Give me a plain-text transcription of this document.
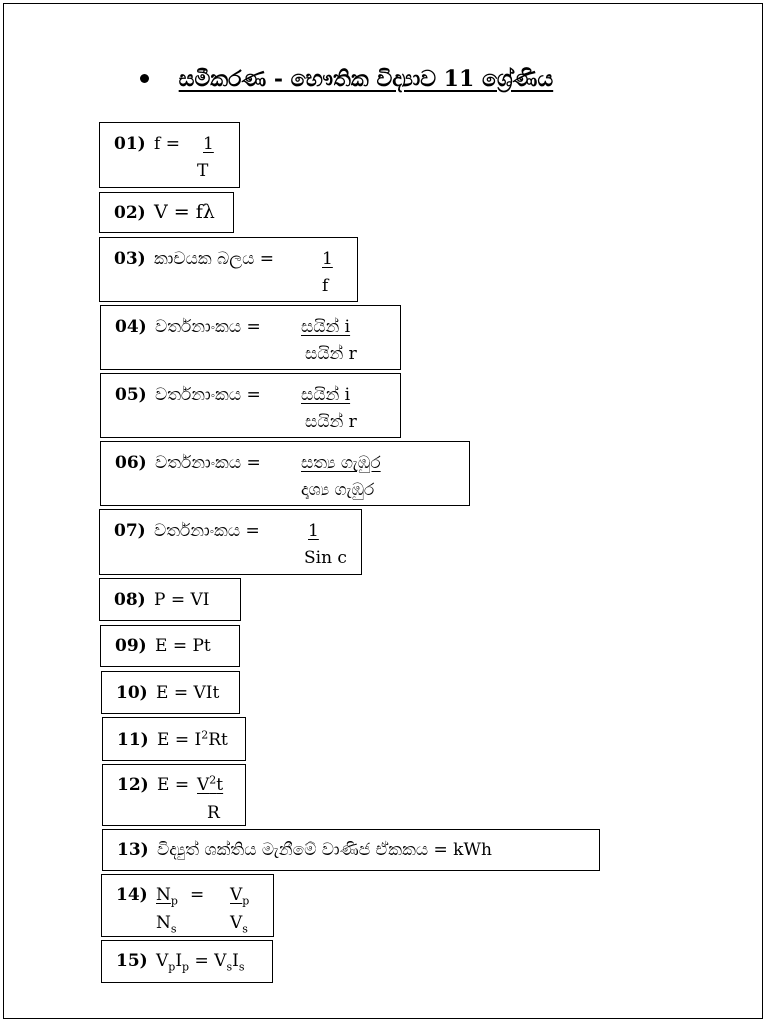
සමීකරණ - භෞතික විද්‍යාව 11 ශ්‍රේණිය
01) f =	1
T
02) V = fλ
03) කාචයක බලය =	1
f
04) වර්තනාංකය = සයින් i
සයින් r
05) වර්තනාංකය = සයින් i
සයින් r
06) වර්තනාංකය = සත්‍ය ගැඹුර
දෘශ්‍ය ගැඹුර
07) වර්තනාංකය =	1
Sin c
08) P = VI
09) E = Pt
10) E = VIt
11) $E = I^2Rt$
12) $E = V^2t$
R
13) විද්‍යුත් ශක්තිය මැනීමේ වාණිජ ඒකකය = kWh
14) $N_p = V_p$
$N_s$	$V_s$
15) $V_pI_p = V_sI_s$
